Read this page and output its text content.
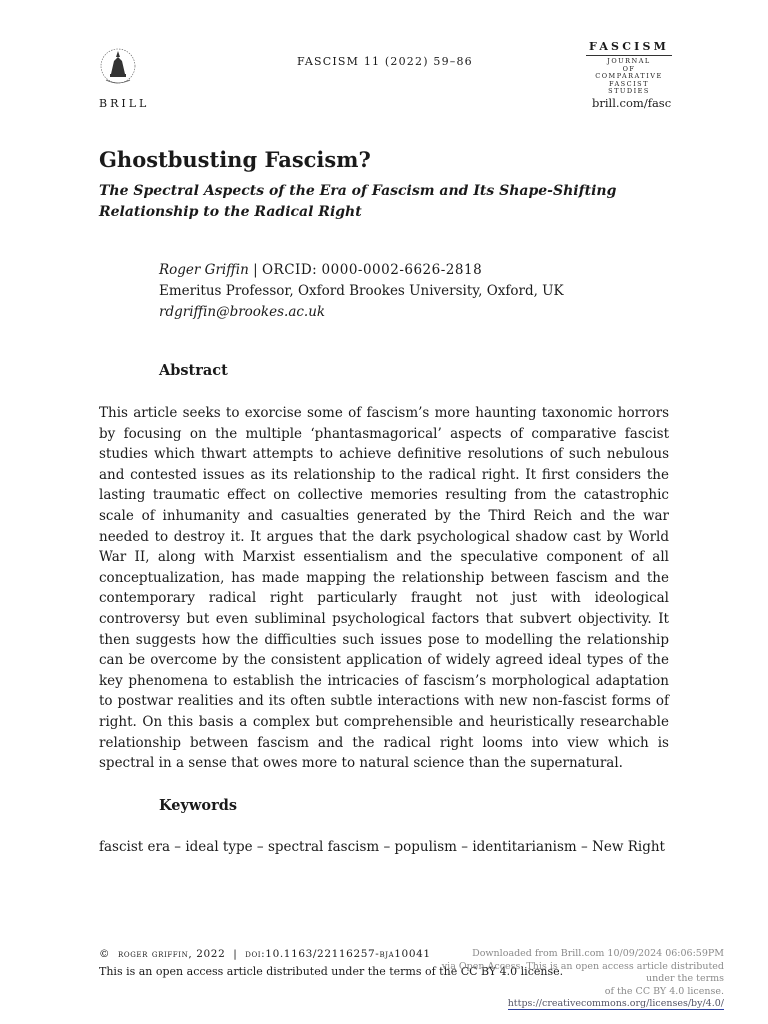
BRILL
FASCISM 11 (2022) 59–86
FASCISM
JOURNAL
OF
COMPARATIVE
FASCIST
STUDIES
brill.com/fasc
Ghostbusting Fascism?
The Spectral Aspects of the Era of Fascism and Its Shape-Shifting Relationship to the Radical Right
Roger Griffin | ORCID: 0000-0002-6626-2818
Emeritus Professor, Oxford Brookes University, Oxford, UK
rdgriffin@brookes.ac.uk
Abstract

This article seeks to exorcise some of fascism’s more haunting taxonomic horrors by focusing on the multiple ‘phantasmagorical’ aspects of comparative fascist studies which thwart attempts to achieve definitive resolutions of such nebulous and contested issues as its relationship to the radical right. It first considers the lasting traumatic effect on collective memories resulting from the catastrophic scale of inhumanity and casualties generated by the Third Reich and the war needed to destroy it. It argues that the dark psychological shadow cast by World War II, along with Marxist essentialism and the speculative component of all conceptualization, has made mapping the relationship between fascism and the contemporary radical right particularly fraught not just with ideological controversy but even subliminal psychological factors that subvert objectivity. It then suggests how the difficulties such issues pose to modelling the relationship can be overcome by the consistent application of widely agreed ideal types of the key phenomena to establish the intricacies of fascism’s morphological adaptation to postwar realities and its often subtle interactions with new non-fascist forms of right. On this basis a complex but comprehensible and heuristically researchable relationship between fascism and the radical right looms into view which is spectral in a sense that owes more to natural science than the supernatural.

Keywords
fascist era – ideal type – spectral fascism – populism – identitarianism – New Right
© roger griffin, 2022  |  doi:10.1163/22116257-bja10041
This is an open access article distributed under the terms of the CC BY 4.0 license.
Downloaded from Brill.com 10/09/2024 06:06:59PM
via Open Access. This is an open access article distributed under the terms
of the CC BY 4.0 license.
https://creativecommons.org/licenses/by/4.0/
